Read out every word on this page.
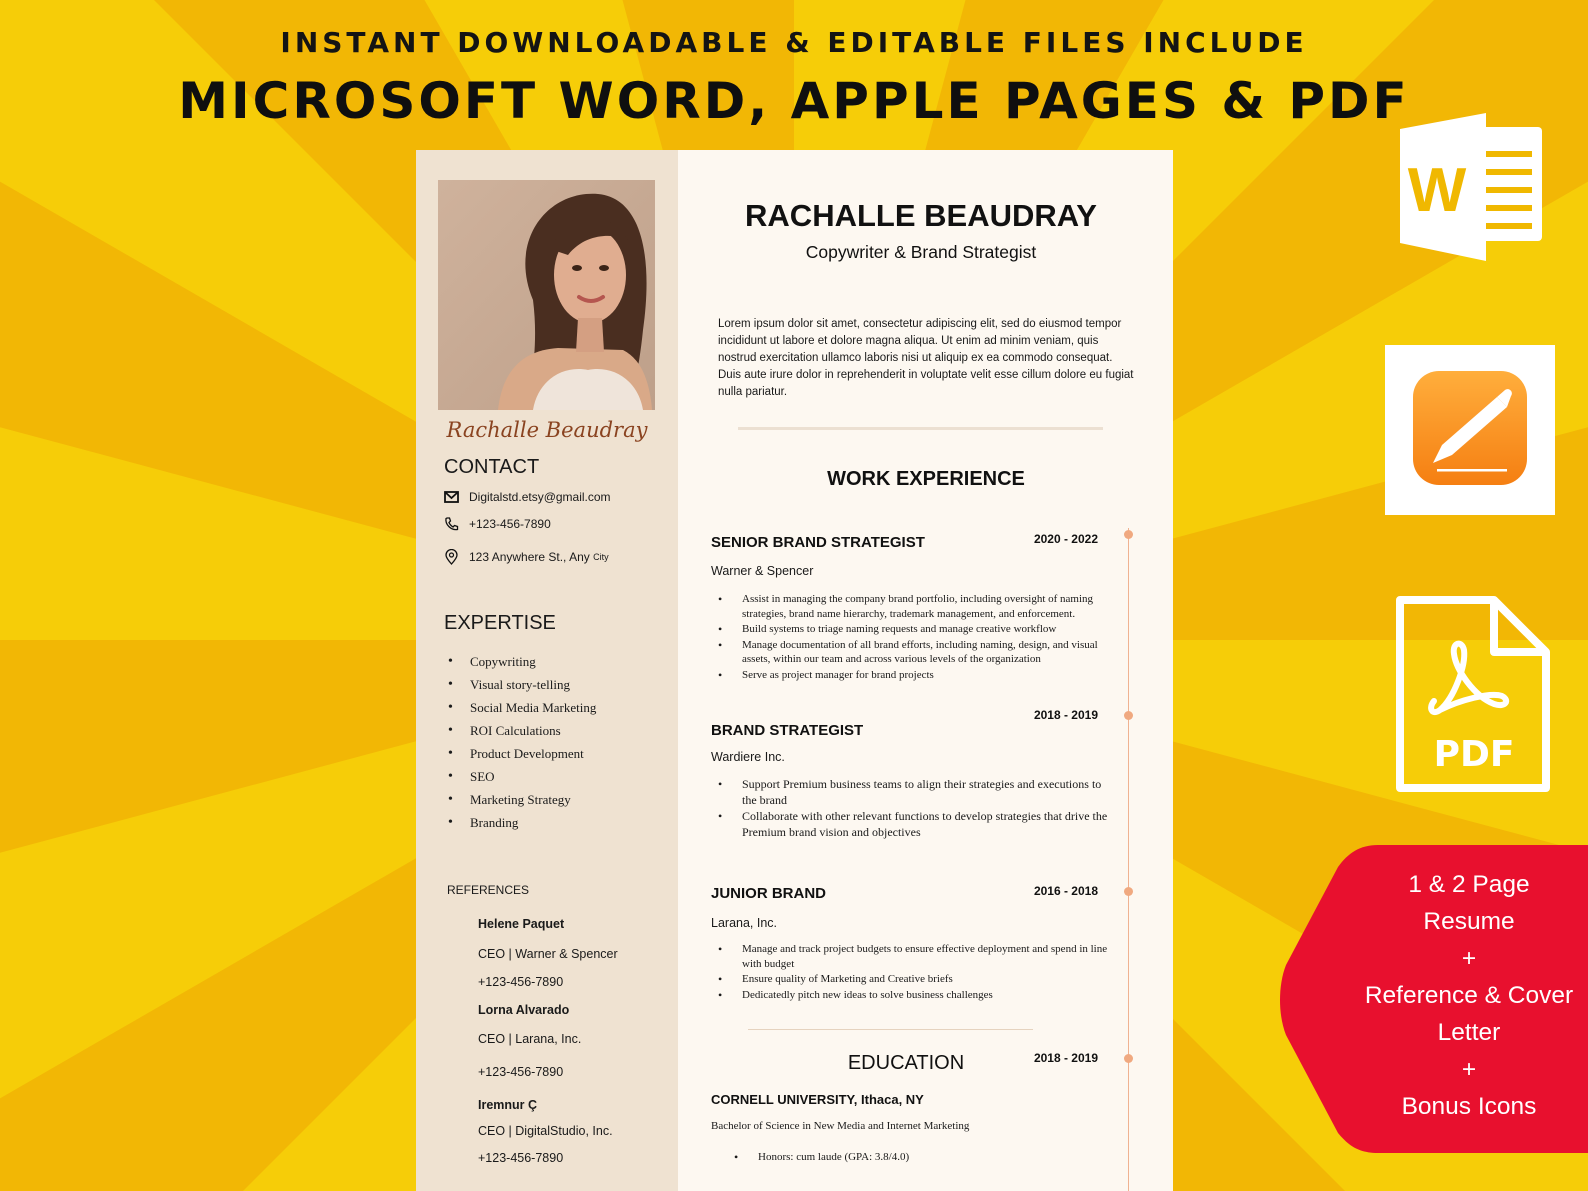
INSTANT DOWNLOADABLE & EDITABLE FILES INCLUDE
MICROSOFT WORD, APPLE PAGES & PDF
Rachalle Beaudray
CONTACT
Digitalstd.etsy@gmail.com
+123-456-7890
123 Anywhere St., Any
City
EXPERTISE
• Copywriting
• Visual story-telling
• Social Media Marketing
• ROI Calculations
• Product Development
• SEO
• Marketing Strategy
• Branding
REFERENCES
Helene Paquet
CEO | Warner & Spencer
+123-456-7890
Lorna Alvarado
CEO | Larana, Inc.
+123-456-7890
Iremnur Ç
CEO | DigitalStudio, Inc.
+123-456-7890
RACHALLE BEAUDRAY
Copywriter & Brand Strategist
Lorem ipsum dolor sit amet, consectetur adipiscing elit, sed do eiusmod tempor incididunt ut labore et dolore magna aliqua. Ut enim ad minim veniam, quis nostrud exercitation ullamco laboris nisi ut aliquip ex ea commodo consequat. Duis aute irure dolor in reprehenderit in voluptate velit esse cillum dolore eu fugiat nulla pariatur.
WORK EXPERIENCE
SENIOR BRAND STRATEGIST	2020 - 2022
Warner & Spencer
• Assist in managing the company brand portfolio, including oversight of naming strategies, brand name hierarchy, trademark management, and enforcement.
• Build systems to triage naming requests and manage creative workflow
• Manage documentation of all brand efforts, including naming, design, and visual assets, within our team and across various levels of the organization
• Serve as project manager for brand projects
2018 - 2019
BRAND STRATEGIST
Wardiere Inc.
• Support Premium business teams to align their strategies and executions to the brand
• Collaborate with other relevant functions to develop strategies that drive the Premium brand vision and objectives
JUNIOR BRAND	2016 - 2018
Larana, Inc.
• Manage and track project budgets to ensure effective deployment and spend in line with budget
• Ensure quality of Marketing and Creative briefs
• Dedicatedly pitch new ideas to solve business challenges
EDUCATION	2018 - 2019
CORNELL UNIVERSITY, Ithaca, NY
Bachelor of Science in New Media and Internet Marketing
• Honors: cum laude (GPA: 3.8/4.0)
W
PDF
1 & 2 Page
Resume
+
Reference & Cover
Letter
+
Bonus Icons
